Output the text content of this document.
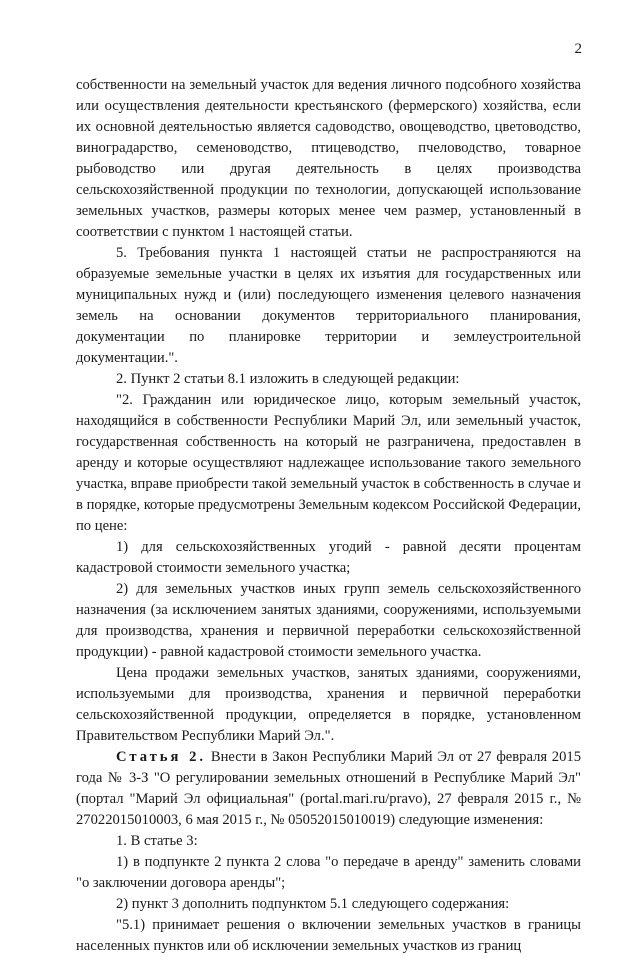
2

собственности на земельный участок для ведения личного подсобного хозяйства или осуществления деятельности крестьянского (фермерского) хозяйства, если их основной деятельностью является садоводство, овощеводство, цветоводство, виноградарство, семеноводство, птицеводство, пчеловодство, товарное рыбоводство или другая деятельность в целях производства сельскохозяйственной продукции по технологии, допускающей использование земельных участков, размеры которых менее чем размер, установленный в соответствии с пунктом 1 настоящей статьи.

5. Требования пункта 1 настоящей статьи не распространяются на образуемые земельные участки в целях их изъятия для государственных или муниципальных нужд и (или) последующего изменения целевого назначения земель на основании документов территориального планирования, документации по планировке территории и землеустроительной документации.".

2. Пункт 2 статьи 8.1 изложить в следующей редакции:

"2. Гражданин или юридическое лицо, которым земельный участок, находящийся в собственности Республики Марий Эл, или земельный участок, государственная собственность на который не разграничена, предоставлен в аренду и которые осуществляют надлежащее использование такого земельного участка, вправе приобрести такой земельный участок в собственность в случае и в порядке, которые предусмотрены Земельным кодексом Российской Федерации, по цене:

1) для сельскохозяйственных угодий - равной десяти процентам кадастровой стоимости земельного участка;

2) для земельных участков иных групп земель сельскохозяйственного назначения (за исключением занятых зданиями, сооружениями, используемыми для производства, хранения и первичной переработки сельскохозяйственной продукции) - равной кадастровой стоимости земельного участка.

Цена продажи земельных участков, занятых зданиями, сооружениями, используемыми для производства, хранения и первичной переработки сельскохозяйственной продукции, определяется в порядке, установленном Правительством Республики Марий Эл.".

Статья 2. Внести в Закон Республики Марий Эл от 27 февраля 2015 года № 3-З "О регулировании земельных отношений в Республике Марий Эл" (портал "Марий Эл официальная" (portal.mari.ru/pravo), 27 февраля 2015 г., № 27022015010003, 6 мая 2015 г., № 05052015010019) следующие изменения:

1. В статье 3:

1) в подпункте 2 пункта 2 слова "о передаче в аренду" заменить словами "о заключении договора аренды";

2) пункт 3 дополнить подпунктом 5.1 следующего содержания:

"5.1) принимает решения о включении земельных участков в границы населенных пунктов или об исключении земельных участков из границ
